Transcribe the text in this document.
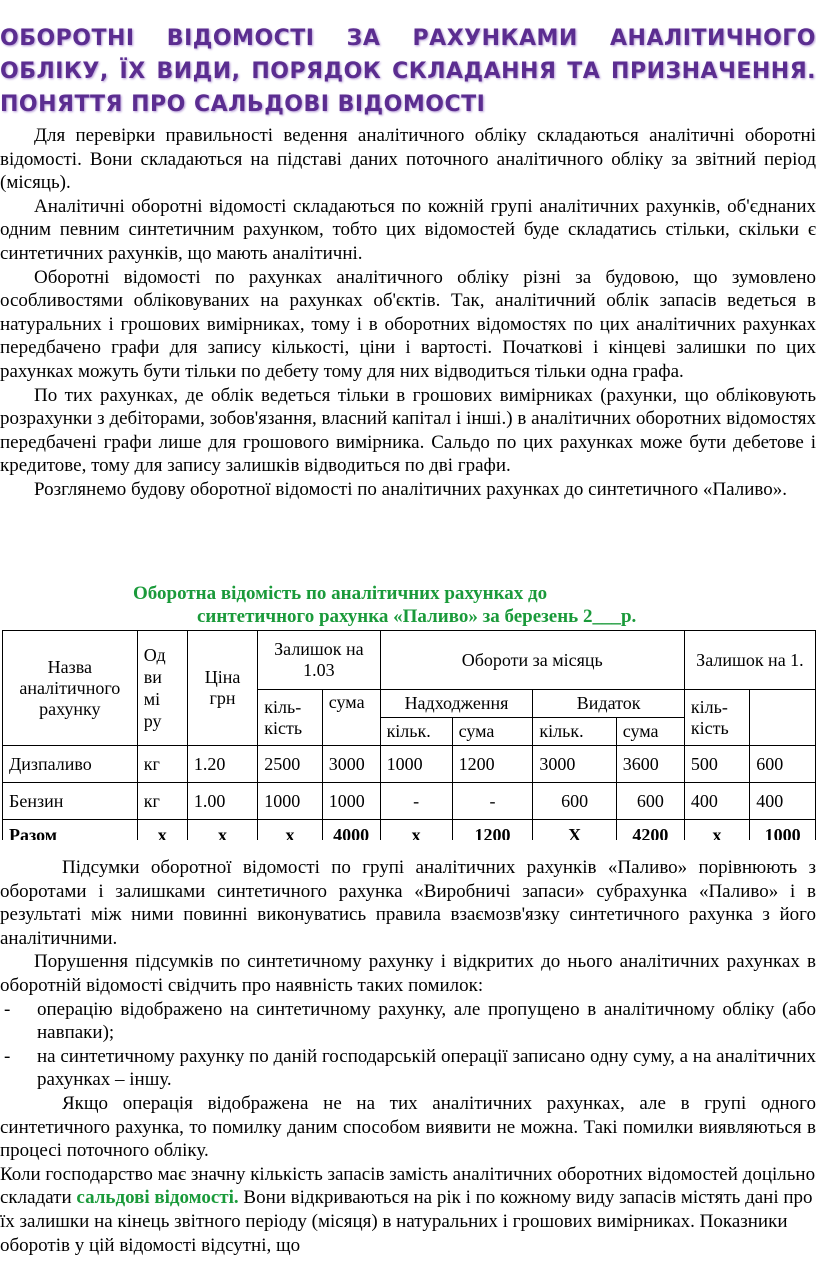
ОБОРОТНІ ВІДОМОСТІ ЗА РАХУНКАМИ АНАЛІТИЧНОГО
ОБЛІКУ, ЇХ ВИДИ, ПОРЯДОК СКЛАДАННЯ ТА ПРИЗНАЧЕННЯ.
ПОНЯТТЯ ПРО САЛЬДОВІ ВІДОМОСТІ

Для перевірки правильності ведення аналітичного обліку складаються аналітичні оборотні відомості. Вони складаються на підставі даних поточного аналітичного обліку за звітний період (місяць).

Аналітичні оборотні відомості складаються по кожній групі аналітичних рахунків, об'єднаних одним певним синтетичним рахунком, тобто цих відомостей буде складатись стільки, скільки є синтетичних рахунків, що мають аналітичні.

Оборотні відомості по рахунках аналітичного обліку різні за будовою, що зумовлено особливостями обліковуваних на рахунках об'єктів. Так, аналітичний облік запасів ведеться в натуральних і грошових вимірниках, тому і в оборотних відомостях по цих аналітичних рахунках передбачено графи для запису кількості, ціни і вартості. Початкові і кінцеві залишки по цих рахунках можуть бути тільки по дебету тому для них відводиться тільки одна графа.

По тих рахунках, де облік ведеться тільки в грошових вимірниках (рахунки, що обліковують розрахунки з дебіторами, зобов'язання, власний капітал і інші.) в аналітичних оборотних відомостях передбачені графи лише для грошового вимірника. Сальдо по цих рахунках може бути дебетове і кредитове, тому для запису залишків відводиться по дві графи.

Розглянемо будову оборотної відомості по аналітичних рахунках до синтетичного «Паливо».

Оборотна відомість по аналітичних рахунках до
синтетичного рахунка «Паливо» за березень 2___р.
Назва аналітичного рахунку	Од ви мі ру	Ціна грн	Залишок на 1.03		Обороти за місяць				Залишок на 1.	
			кіль-кість	сума	Надходження		Видаток		кіль-кість	
					кільк.	сума	кільк.	сума		
Дизпаливо	кг	1.20	2500	3000	1000	1200	3000	3600	500	600
Бензин	кг	1.00	1000	1000	-	-	600	600	400	400
Разом	х	х	х	4000	х	1200	Х	4200	х	1000

Підсумки оборотної відомості по групі аналітичних рахунків «Паливо» порівнюють з оборотами і залишками синтетичного рахунка «Виробничі запаси» субрахунка «Паливо» і в результаті між ними повинні виконуватись правила взаємозв'язку синтетичного рахунка з його аналітичними.

Порушення підсумків по синтетичному рахунку і відкритих до нього аналітичних рахунках в оборотній відомості свідчить про наявність таких помилок:

- операцію відображено на синтетичному рахунку, але пропущено в аналітичному обліку (або навпаки);
- на синтетичному рахунку по даній господарській операції записано одну суму, а на аналітичних рахунках – іншу.

Якщо операція відображена не на тих аналітичних рахунках, але в групі одного синтетичного рахунка, то помилку даним способом виявити не можна. Такі помилки виявляються в процесі поточного обліку.

Коли господарство має значну кількість запасів замість аналітичних оборотних відомостей доцільно складати сальдові відомості. Вони відкриваються на рік і по кожному виду запасів містять дані про їх залишки на кінець звітного періоду (місяця) в натуральних і грошових вимірниках. Показники оборотів у цій відомості відсутні, що
